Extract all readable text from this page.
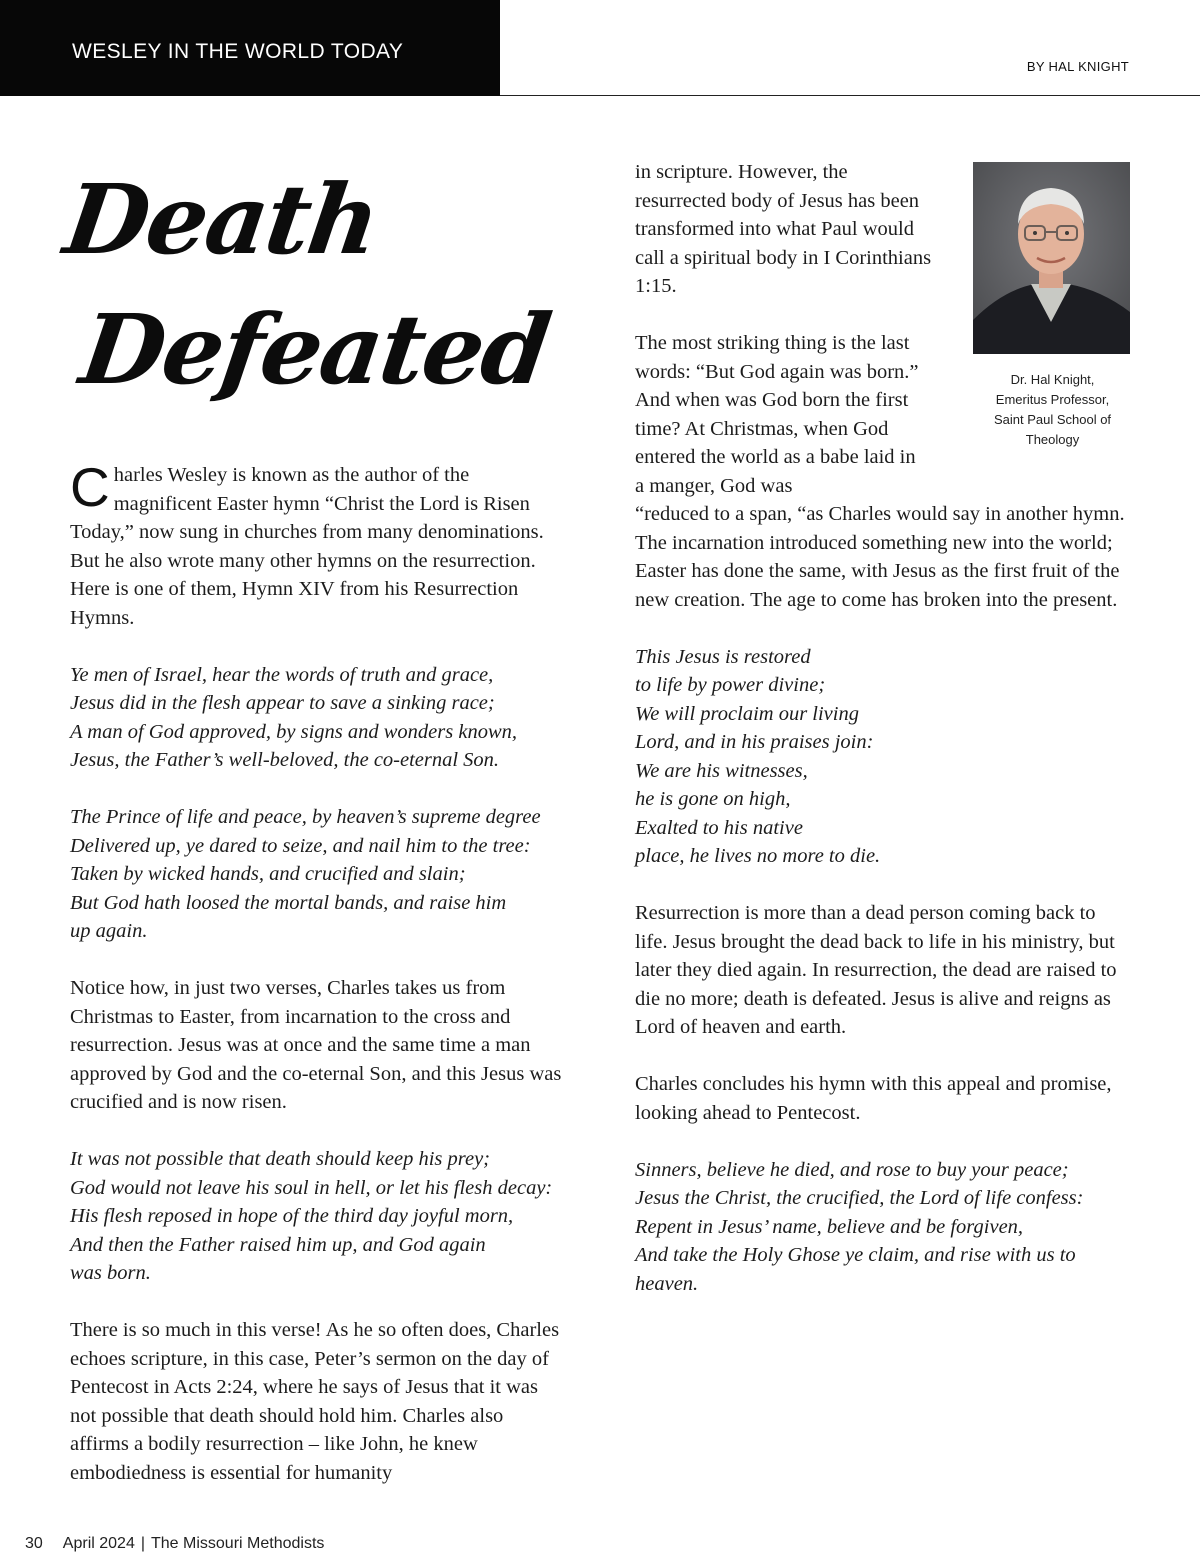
WESLEY IN THE WORLD TODAY
BY HAL KNIGHT
Death
Defeated

Charles Wesley is known as the author of the magnificent Easter hymn “Christ the Lord is Risen Today,” now sung in churches from many denominations. But he also wrote many other hymns on the resurrection. Here is one of them, Hymn XIV from his Resurrection Hymns.

Ye men of Israel, hear the words of truth and grace,
Jesus did in the flesh appear to save a sinking race;
A man of God approved, by signs and wonders known,
Jesus, the Father’s well-beloved, the co-eternal Son.
The Prince of life and peace, by heaven’s supreme degree
Delivered up, ye dared to seize, and nail him to the tree:
Taken by wicked hands, and crucified and slain;
But God hath loosed the mortal bands, and raise him
up again.

Notice how, in just two verses, Charles takes us from Christmas to Easter, from incarnation to the cross and resurrection. Jesus was at once and the same time a man approved by God and the co-eternal Son, and this Jesus was crucified and is now risen.

It was not possible that death should keep his prey;
God would not leave his soul in hell, or let his flesh decay:
His flesh reposed in hope of the third day joyful morn,
And then the Father raised him up, and God again
was born.

There is so much in this verse! As he so often does, Charles echoes scripture, in this case, Peter’s sermon on the day of Pentecost in Acts 2:24, where he says of Jesus that it was not possible that death should hold him. Charles also affirms a bodily resurrection – like John, he knew embodiedness is essential for humanity

in scripture. However, the resurrected body of Jesus has been transformed into what Paul would call a spiritual body in I Corinthians 1:15.

The most striking thing is the last words: “But God again was born.” And when was God born the first time? At Christmas, when God entered the world as a babe laid in a manger, God was
“reduced to a span, “as Charles would say in another hymn. The incarnation introduced something new into the world; Easter has done the same, with Jesus as the first fruit of the new creation. The age to come has broken into the present.

This Jesus is restored
to life by power divine;
We will proclaim our living
Lord, and in his praises join:
We are his witnesses,
he is gone on high,
Exalted to his native
place, he lives no more to die.

Resurrection is more than a dead person coming back to life. Jesus brought the dead back to life in his ministry, but later they died again. In resurrection, the dead are raised to die no more; death is defeated. Jesus is alive and reigns as Lord of heaven and earth.

Charles concludes his hymn with this appeal and promise, looking ahead to Pentecost.

Sinners, believe he died, and rose to buy your peace;
Jesus the Christ, the crucified, the Lord of life confess:
Repent in Jesus’ name, believe and be forgiven,
And take the Holy Ghose ye claim, and rise with us to
heaven.
Dr. Hal Knight,
Emeritus Professor,
Saint Paul School of
Theology
30 April 2024 | The Missouri Methodists
